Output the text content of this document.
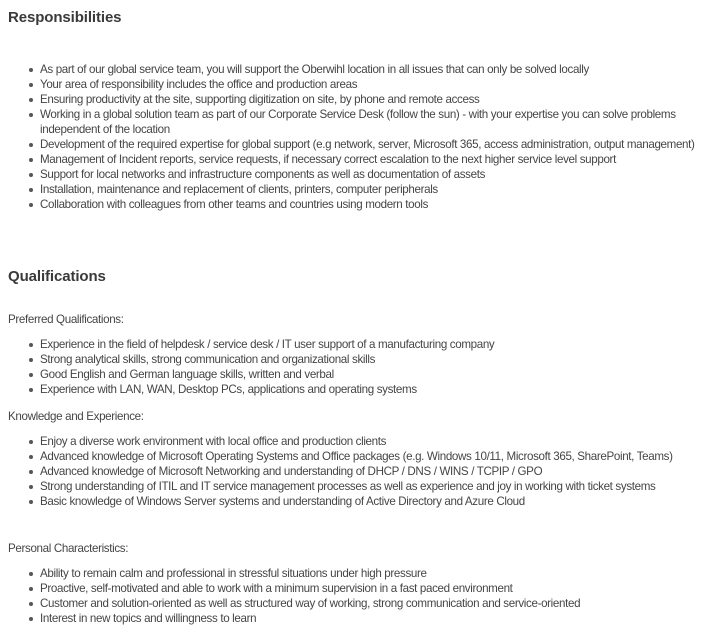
Responsibilities
As part of our global service team, you will support the Oberwihl location in all issues that can only be solved locally
Your area of responsibility includes the office and production areas
Ensuring productivity at the site, supporting digitization on site, by phone and remote access
Working in a global solution team as part of our Corporate Service Desk (follow the sun) - with your expertise you can solve problems independent of the location
Development of the required expertise for global support (e.g network, server, Microsoft 365, access administration, output management)
Management of Incident reports, service requests, if necessary correct escalation to the next higher service level support
Support for local networks and infrastructure components as well as documentation of assets
Installation, maintenance and replacement of clients, printers, computer peripherals
Collaboration with colleagues from other teams and countries using modern tools
Qualifications
Preferred Qualifications:
Experience in the field of helpdesk / service desk / IT user support of a manufacturing company
Strong analytical skills, strong communication and organizational skills
Good English and German language skills, written and verbal
Experience with LAN, WAN, Desktop PCs, applications and operating systems
Knowledge and Experience:
Enjoy a diverse work environment with local office and production clients
Advanced knowledge of Microsoft Operating Systems and Office packages (e.g. Windows 10/11, Microsoft 365, SharePoint, Teams)
Advanced knowledge of Microsoft Networking and understanding of DHCP / DNS / WINS / TCPIP / GPO
Strong understanding of ITIL and IT service management processes as well as experience and joy in working with ticket systems
Basic knowledge of Windows Server systems and understanding of Active Directory and Azure Cloud
Personal Characteristics:
Ability to remain calm and professional in stressful situations under high pressure
Proactive, self-motivated and able to work with a minimum supervision in a fast paced environment
Customer and solution-oriented as well as structured way of working, strong communication and service-oriented
Interest in new topics and willingness to learn
